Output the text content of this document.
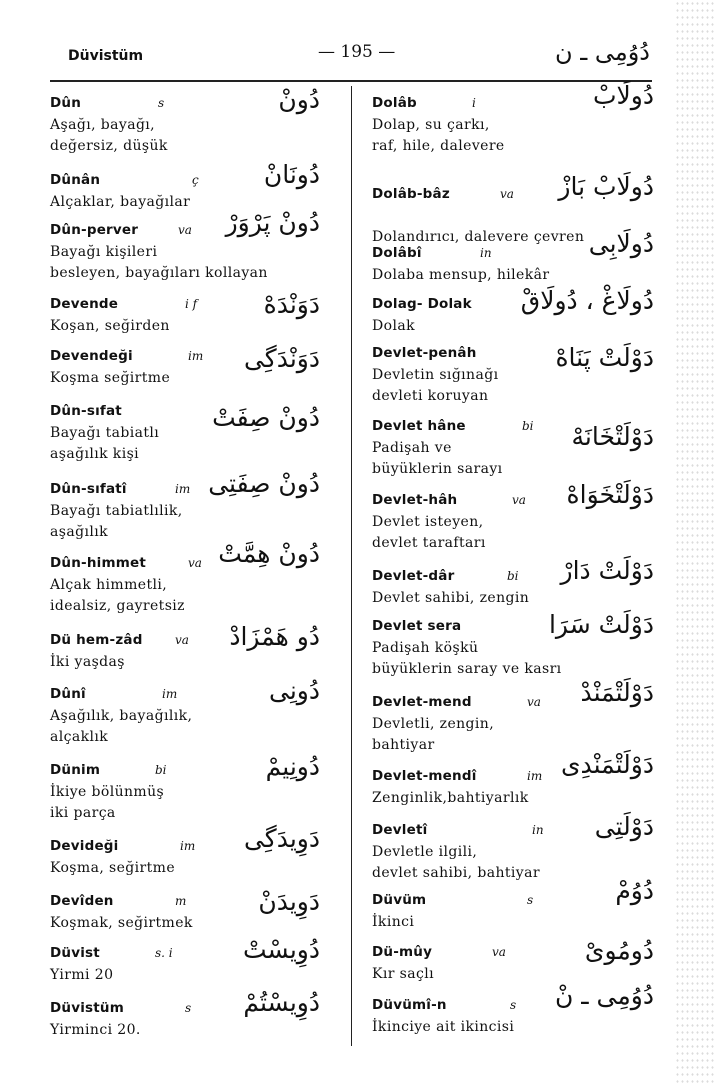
Düvistüm	— 195 —	دُوُمِى ـ ن
Dûn	s	دُونْ
Aşağı, bayağı,
değersiz, düşük
Dûnân	ç	دُونَانْ
Alçaklar, bayağılar
Dûn-perver	va دُونْ پَرْوَرْ
Bayağı kişileri
besleyen, bayağıları kollayan
Devende	i f	دَوَنْدَهْ
Koşan, seğirden
Devendeği	im دَوَنْدَگِى
Koşma seğirtme
Dûn-sıfat	دُونْ صِفَتْ
Bayağı tabiatlı
aşağılık kişi
Dûn-sıfatî	im دُونْ صِفَتِى
Bayağı tabiatlılik,
aşağılık
Dûn-himmet	va دُونْ هِمَّتْ
Alçak himmetli,
idealsiz, gayretsiz
Dü hem-zâd	va دُو هَمْزَادْ
İki yaşdaş
Dûnî	im	دُونِى
Aşağılık, bayağılık,
alçaklık
Dünim	bi	دُونِيمْ
İkiye bölünmüş
iki parça
Devideği	im دَوِيدَگِى
Koşma, seğirtme
Devîden	m	دَوِيدَنْ
Koşmak, seğirtmek
Düvist	s. i	دُوِيسْتْ
Yirmi 20
Düvistüm	s دُوِيسْتُمْ
Yirminci 20.
Dolâb	i	دُولَابْ
Dolap, su çarkı,
raf, hile, dalevere
Dolâb-bâz	va دُولَابْ بَازْ

Dolandırıcı, dalevere çevren
Dolâbî	in	دُولَابِى
Dolaba mensup, hilekâr
Dolag- Dolak دُولَاغْ ، دُولَاقْ
Dolak
Devlet-penâh	دَوْلَتْ پَنَاهْ
Devletin sığınağı
devleti koruyan
Devlet hâne	bi دَوْلَتْخَانَهْ
Padişah ve
büyüklerin sarayı
Devlet-hâh	va دَوْلَتْخَوَاهْ
Devlet isteyen,
devlet taraftarı
Devlet-dâr	bi دَوْلَتْ دَارْ
Devlet sahibi, zengin
Devlet sera	دَوْلَتْ سَرَا
Padişah köşkü
büyüklerin saray ve kasrı
Devlet-mend	va دَوْلَتْمَنْدْ
Devletli, zengin,
bahtiyar
Devlet-mendî	im دَوْلَتْمَنْدِى
Zenginlik,bahtiyarlık
Devletî	in دَوْلَتِى
Devletle ilgili,
devlet sahibi, bahtiyar
Düvüm	s	دُوُمْ
İkinci
Dü-mûy	va	دُومُوىْ
Kır saçlı
Düvümî-n	s دُوُمِى ـ نْ
İkinciye ait ikincisi
